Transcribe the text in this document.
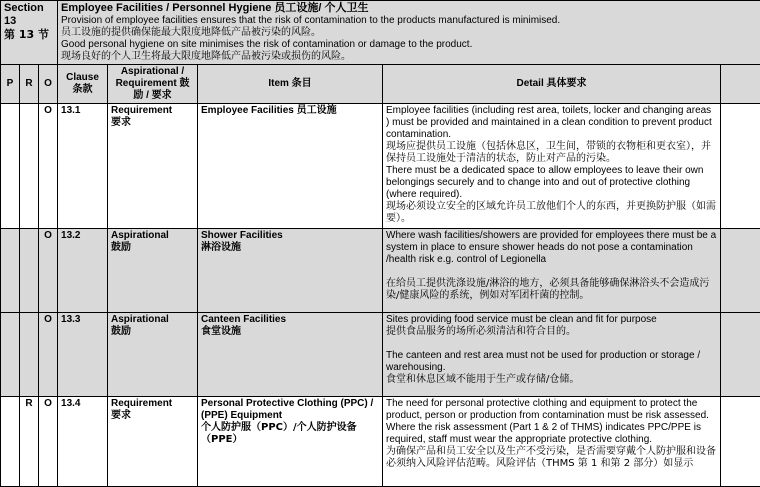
Section 13
第 13 节			Employee Facilities / Personnel Hygiene 员工设施/ 个人卫生
Provision of employee facilities ensures that the risk of contamination to the products manufactured is minimised.
员工设施的提供确保能最大限度地降低产品被污染的风险。
Good personal hygiene on site minimises the risk of contamination or damage to the product.
现场良好的个人卫生将最大限度地降低产品被污染或损伤的风险。				

P	R	O	Clause 条款	Aspirational / Requirement 鼓励 / 要求	Item 条目	Detail 具体要求	
		O	13.1	Requirement
要求	Employee Facilities 员工设施	Employee facilities (including rest area, toilets, locker and changing areas ) must be provided and maintained in a clean condition to prevent product contamination.
现场应提供员工设施（包括休息区，卫生间，带锁的衣物柜和更衣室），并保持员工设施处于清洁的状态，防止对产品的污染。
There must be a dedicated space to allow employees to leave their own belongings securely and to change into and out of protective clothing (where required).
现场必须设立安全的区域允许员工放他们个人的东西，并更换防护服（如需要）。	

		O	13.2	Aspirational
鼓励	Shower Facilities
淋浴设施	Where wash facilities/showers are provided for employees there must be a system in place to ensure shower heads do not pose a contamination /health risk e.g. control of Legionella
在给员工提供洗涤设施/淋浴的地方，必须具备能够确保淋浴头不会造成污染/健康风险的系统，例如对军团杆菌的控制。	

		O	13.3	Aspirational
鼓励	Canteen Facilities
食堂设施	Sites providing food service must be clean and fit for purpose
提供食品服务的场所必须清洁和符合目的。
The canteen and rest area must not be used for production or storage / warehousing.
食堂和休息区域不能用于生产或存储/仓储。	

	R	O	13.4	Requirement
要求	Personal Protective Clothing (PPC) / (PPE) Equipment
个人防护服（PPC）/个人防护设备（PPE）	The need for personal protective clothing and equipment to protect the product, person or production from contamination must be risk assessed. Where the risk assessment (Part 1 & 2 of THMS) indicates PPC/PPE is required, staff must wear the appropriate protective clothing.
为确保产品和员工安全以及生产不受污染，是否需要穿戴个人防护服和设备必须纳入风险评估范畴。风险评估（THMS 第 1 和第 2 部分）如显示	
